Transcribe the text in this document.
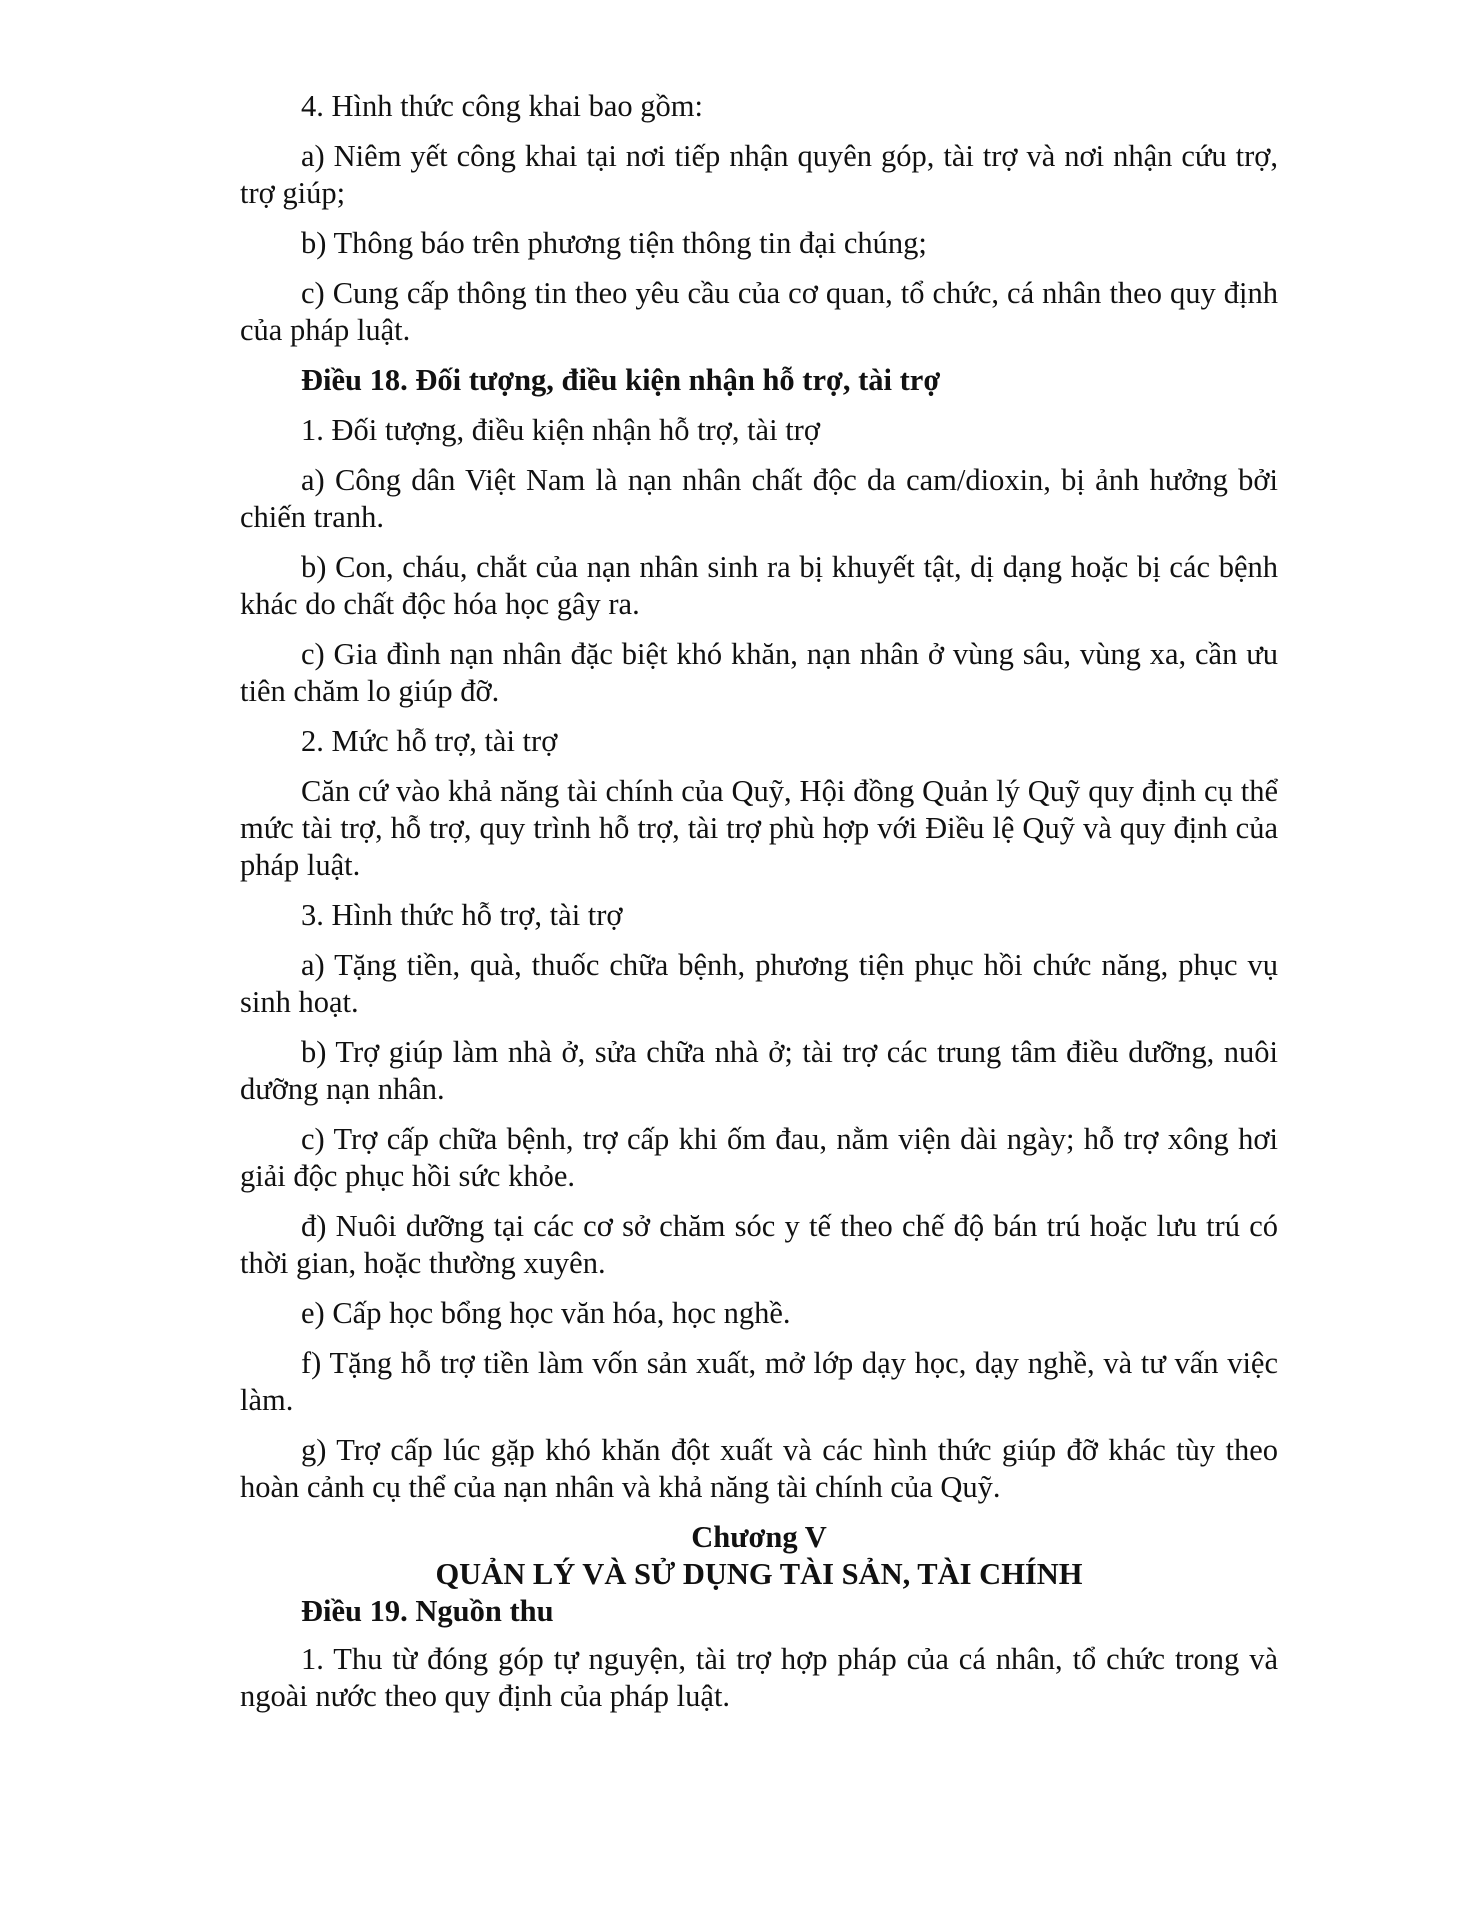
4. Hình thức công khai bao gồm:

a) Niêm yết công khai tại nơi tiếp nhận quyên góp, tài trợ và nơi nhận cứu trợ, trợ giúp;

b) Thông báo trên phương tiện thông tin đại chúng;

c) Cung cấp thông tin theo yêu cầu của cơ quan, tổ chức, cá nhân theo quy định của pháp luật.

Điều 18. Đối tượng, điều kiện nhận hỗ trợ, tài trợ

1. Đối tượng, điều kiện nhận hỗ trợ, tài trợ

a) Công dân Việt Nam là nạn nhân chất độc da cam/dioxin, bị ảnh hưởng bởi chiến tranh.

b) Con, cháu, chắt của nạn nhân sinh ra bị khuyết tật, dị dạng hoặc bị các bệnh khác do chất độc hóa học gây ra.

c) Gia đình nạn nhân đặc biệt khó khăn, nạn nhân ở vùng sâu, vùng xa, cần ưu tiên chăm lo giúp đỡ.

2. Mức hỗ trợ, tài trợ

Căn cứ vào khả năng tài chính của Quỹ, Hội đồng Quản lý Quỹ quy định cụ thể mức tài trợ, hỗ trợ, quy trình hỗ trợ, tài trợ phù hợp với Điều lệ Quỹ và quy định của pháp luật.

3. Hình thức hỗ trợ, tài trợ

a) Tặng tiền, quà, thuốc chữa bệnh, phương tiện phục hồi chức năng, phục vụ sinh hoạt.

b) Trợ giúp làm nhà ở, sửa chữa nhà ở; tài trợ các trung tâm điều dưỡng, nuôi dưỡng nạn nhân.

c) Trợ cấp chữa bệnh, trợ cấp khi ốm đau, nằm viện dài ngày; hỗ trợ xông hơi giải độc phục hồi sức khỏe.

đ) Nuôi dưỡng tại các cơ sở chăm sóc y tế theo chế độ bán trú hoặc lưu trú có thời gian, hoặc thường xuyên.

e) Cấp học bổng học văn hóa, học nghề.

f) Tặng hỗ trợ tiền làm vốn sản xuất, mở lớp dạy học, dạy nghề, và tư vấn việc làm.

g) Trợ cấp lúc gặp khó khăn đột xuất và các hình thức giúp đỡ khác tùy theo hoàn cảnh cụ thể của nạn nhân và khả năng tài chính của Quỹ.

Chương V

QUẢN LÝ VÀ SỬ DỤNG TÀI SẢN, TÀI CHÍNH

Điều 19. Nguồn thu

1. Thu từ đóng góp tự nguyện, tài trợ hợp pháp của cá nhân, tổ chức trong và ngoài nước theo quy định của pháp luật.
